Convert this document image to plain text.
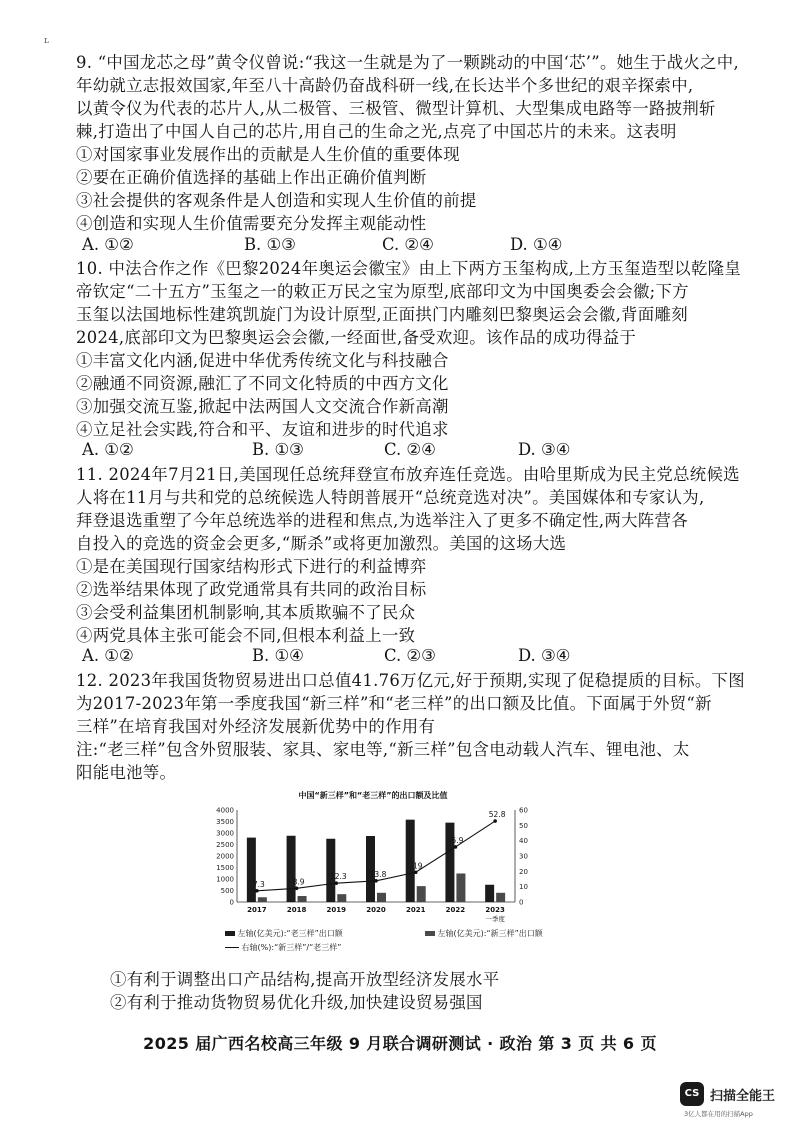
ʟ
9. “中国龙芯之母”黄令仪曾说:“我这一生就是为了一颗跳动的中国‘芯’”。她生于战火之中,
年幼就立志报效国家,年至八十高龄仍奋战科研一线,在长达半个多世纪的艰辛探索中,
以黄令仪为代表的芯片人,从二极管、三极管、微型计算机、大型集成电路等一路披荆斩
棘,打造出了中国人自己的芯片,用自己的生命之光,点亮了中国芯片的未来。这表明
①对国家事业发展作出的贡献是人生价值的重要体现
②要在正确价值选择的基础上作出正确价值判断
③社会提供的客观条件是人创造和实现人生价值的前提
④创造和实现人生价值需要充分发挥主观能动性
A. ①②	B. ①③	C. ②④	D. ①④
10. 中法合作之作《巴黎2024年奥运会徽宝》由上下两方玉玺构成,上方玉玺造型以乾隆皇
帝钦定“二十五方”玉玺之一的敕正万民之宝为原型,底部印文为中国奥委会会徽;下方
玉玺以法国地标性建筑凯旋门为设计原型,正面拱门内雕刻巴黎奥运会会徽,背面雕刻
2024,底部印文为巴黎奥运会会徽,一经面世,备受欢迎。该作品的成功得益于
①丰富文化内涵,促进中华优秀传统文化与科技融合
②融通不同资源,融汇了不同文化特质的中西方文化
③加强交流互鉴,掀起中法两国人文交流合作新高潮
④立足社会实践,符合和平、友谊和进步的时代追求
A. ①②	B. ①③	C. ②④	D. ③④
11. 2024年7月21日,美国现任总统拜登宣布放弃连任竞选。由哈里斯成为民主党总统候选
人将在11月与共和党的总统候选人特朗普展开“总统竞选对决”。美国媒体和专家认为,
拜登退选重塑了今年总统选举的进程和焦点,为选举注入了更多不确定性,两大阵营各
自投入的竞选的资金会更多,“厮杀”或将更加激烈。美国的这场大选
①是在美国现行国家结构形式下进行的利益博弈
②选举结果体现了政党通常具有共同的政治目标
③会受利益集团机制影响,其本质欺骗不了民众
④两党具体主张可能会不同,但根本利益上一致
A. ①②	B. ①④	C. ②③	D. ③④
12. 2023年我国货物贸易进出口总值41.76万亿元,好于预期,实现了促稳提质的目标。下图
为2017-2023年第一季度我国“新三样”和“老三样”的出口额及比值。下面属于外贸“新
三样”在培育我国对外经济发展新优势中的作用有
注:“老三样”包含外贸服装、家具、家电等,“新三样”包含电动载人汽车、锂电池、太
阳能电池等。
中国“新三样”和“老三样”的出口额及比值
0
500
1000
1500
2000
2500
3000
3500
4000
0
10
20
30
40
50
60
2017	2018	2019	2020	2021	2022	2023
一季度
7.3	8.9
12.3	13.8
19
5.9
52.8
左轴(亿美元):“老三样”出口额	左轴(亿美元):“新三样”出口额
右轴(%):“新三样”/“老三样”
①有利于调整出口产品结构,提高开放型经济发展水平
②有利于推动货物贸易优化升级,加快建设贸易强国
2025 届广西名校高三年级 9 月联合调研测试 · 政治 第 3 页 共 6 页
CS 扫描全能王
3亿人都在用的扫描App
